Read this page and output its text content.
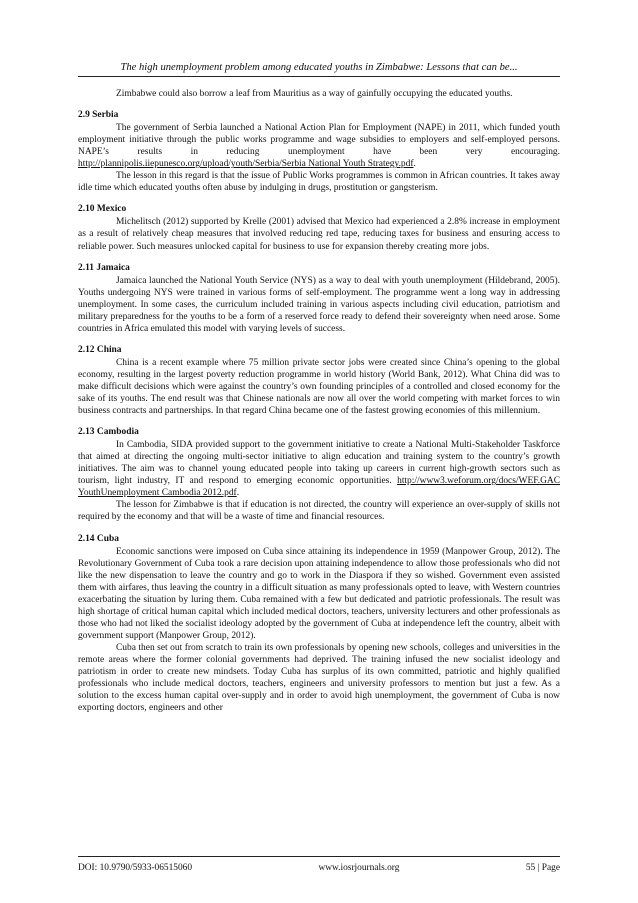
The high unemployment problem among educated youths in Zimbabwe: Lessons that can be...

Zimbabwe could also borrow a leaf from Mauritius as a way of gainfully occupying the educated youths.

2.9 Serbia

The government of Serbia launched a National Action Plan for Employment (NAPE) in 2011, which funded youth employment initiative through the public works programme and wage subsidies to employers and self-employed persons. NAPE’s results in reducing unemployment have been very encouraging. http://plannipolis.iiepunesco.org/upload/youth/Serbia/Serbia National Youth Strategy.pdf.

The lesson in this regard is that the issue of Public Works programmes is common in African countries. It takes away idle time which educated youths often abuse by indulging in drugs, prostitution or gangsterism.

2.10 Mexico

Michelitsch (2012) supported by Krelle (2001) advised that Mexico had experienced a 2.8% increase in employment as a result of relatively cheap measures that involved reducing red tape, reducing taxes for business and ensuring access to reliable power. Such measures unlocked capital for business to use for expansion thereby creating more jobs.

2.11 Jamaica

Jamaica launched the National Youth Service (NYS) as a way to deal with youth unemployment (Hildebrand, 2005). Youths undergoing NYS were trained in various forms of self-employment. The programme went a long way in addressing unemployment. In some cases, the curriculum included training in various aspects including civil education, patriotism and military preparedness for the youths to be a form of a reserved force ready to defend their sovereignty when need arose. Some countries in Africa emulated this model with varying levels of success.

2.12 China

China is a recent example where 75 million private sector jobs were created since China’s opening to the global economy, resulting in the largest poverty reduction programme in world history (World Bank, 2012). What China did was to make difficult decisions which were against the country’s own founding principles of a controlled and closed economy for the sake of its youths. The end result was that Chinese nationals are now all over the world competing with market forces to win business contracts and partnerships. In that regard China became one of the fastest growing economies of this millennium.

2.13 Cambodia

In Cambodia, SIDA provided support to the government initiative to create a National Multi-Stakeholder Taskforce that aimed at directing the ongoing multi-sector initiative to align education and training system to the country’s growth initiatives. The aim was to channel young educated people into taking up careers in current high-growth sectors such as tourism, light industry, IT and respond to emerging economic opportunities. http://www3.weforum.org/docs/WEF.GAC YouthUnemployment Cambodia 2012.pdf.

The lesson for Zimbabwe is that if education is not directed, the country will experience an over-supply of skills not required by the economy and that will be a waste of time and financial resources.

2.14 Cuba

Economic sanctions were imposed on Cuba since attaining its independence in 1959 (Manpower Group, 2012). The Revolutionary Government of Cuba took a rare decision upon attaining independence to allow those professionals who did not like the new dispensation to leave the country and go to work in the Diaspora if they so wished. Government even assisted them with airfares, thus leaving the country in a difficult situation as many professionals opted to leave, with Western countries exacerbating the situation by luring them. Cuba remained with a few but dedicated and patriotic professionals. The result was high shortage of critical human capital which included medical doctors, teachers, university lecturers and other professionals as those who had not liked the socialist ideology adopted by the government of Cuba at independence left the country, albeit with government support (Manpower Group, 2012).

Cuba then set out from scratch to train its own professionals by opening new schools, colleges and universities in the remote areas where the former colonial governments had deprived. The training infused the new socialist ideology and patriotism in order to create new mindsets. Today Cuba has surplus of its own committed, patriotic and highly qualified professionals who include medical doctors, teachers, engineers and university professors to mention but just a few. As a solution to the excess human capital over-supply and in order to avoid high unemployment, the government of Cuba is now exporting doctors, engineers and other

DOI: 10.9790/5933-06515060	www.iosrjournals.org	55 | Page
